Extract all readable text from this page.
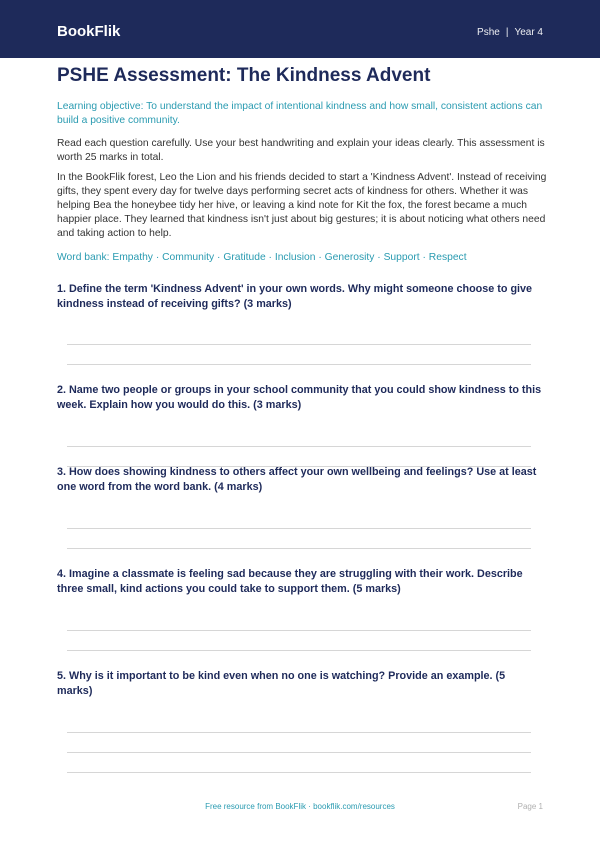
BookFlik	Pshe | Year 4
PSHE Assessment: The Kindness Advent

Learning objective: To understand the impact of intentional kindness and how small, consistent actions can build a positive community.

Read each question carefully. Use your best handwriting and explain your ideas clearly. This assessment is worth 25 marks in total.

In the BookFlik forest, Leo the Lion and his friends decided to start a 'Kindness Advent'. Instead of receiving gifts, they spent every day for twelve days performing secret acts of kindness for others. Whether it was helping Bea the honeybee tidy her hive, or leaving a kind note for Kit the fox, the forest became a much happier place. They learned that kindness isn't just about big gestures; it is about noticing what others need and taking action to help.

Word bank: Empathy · Community · Gratitude · Inclusion · Generosity · Support · Respect

1. Define the term 'Kindness Advent' in your own words. Why might someone choose to give kindness instead of receiving gifts? (3 marks)
2. Name two people or groups in your school community that you could show kindness to this week. Explain how you would do this. (3 marks)
3. How does showing kindness to others affect your own wellbeing and feelings? Use at least one word from the word bank. (4 marks)
4. Imagine a classmate is feeling sad because they are struggling with their work. Describe three small, kind actions you could take to support them. (5 marks)
5. Why is it important to be kind even when no one is watching? Provide an example. (5 marks)
Free resource from BookFlik · bookflik.com/resources	Page 1
